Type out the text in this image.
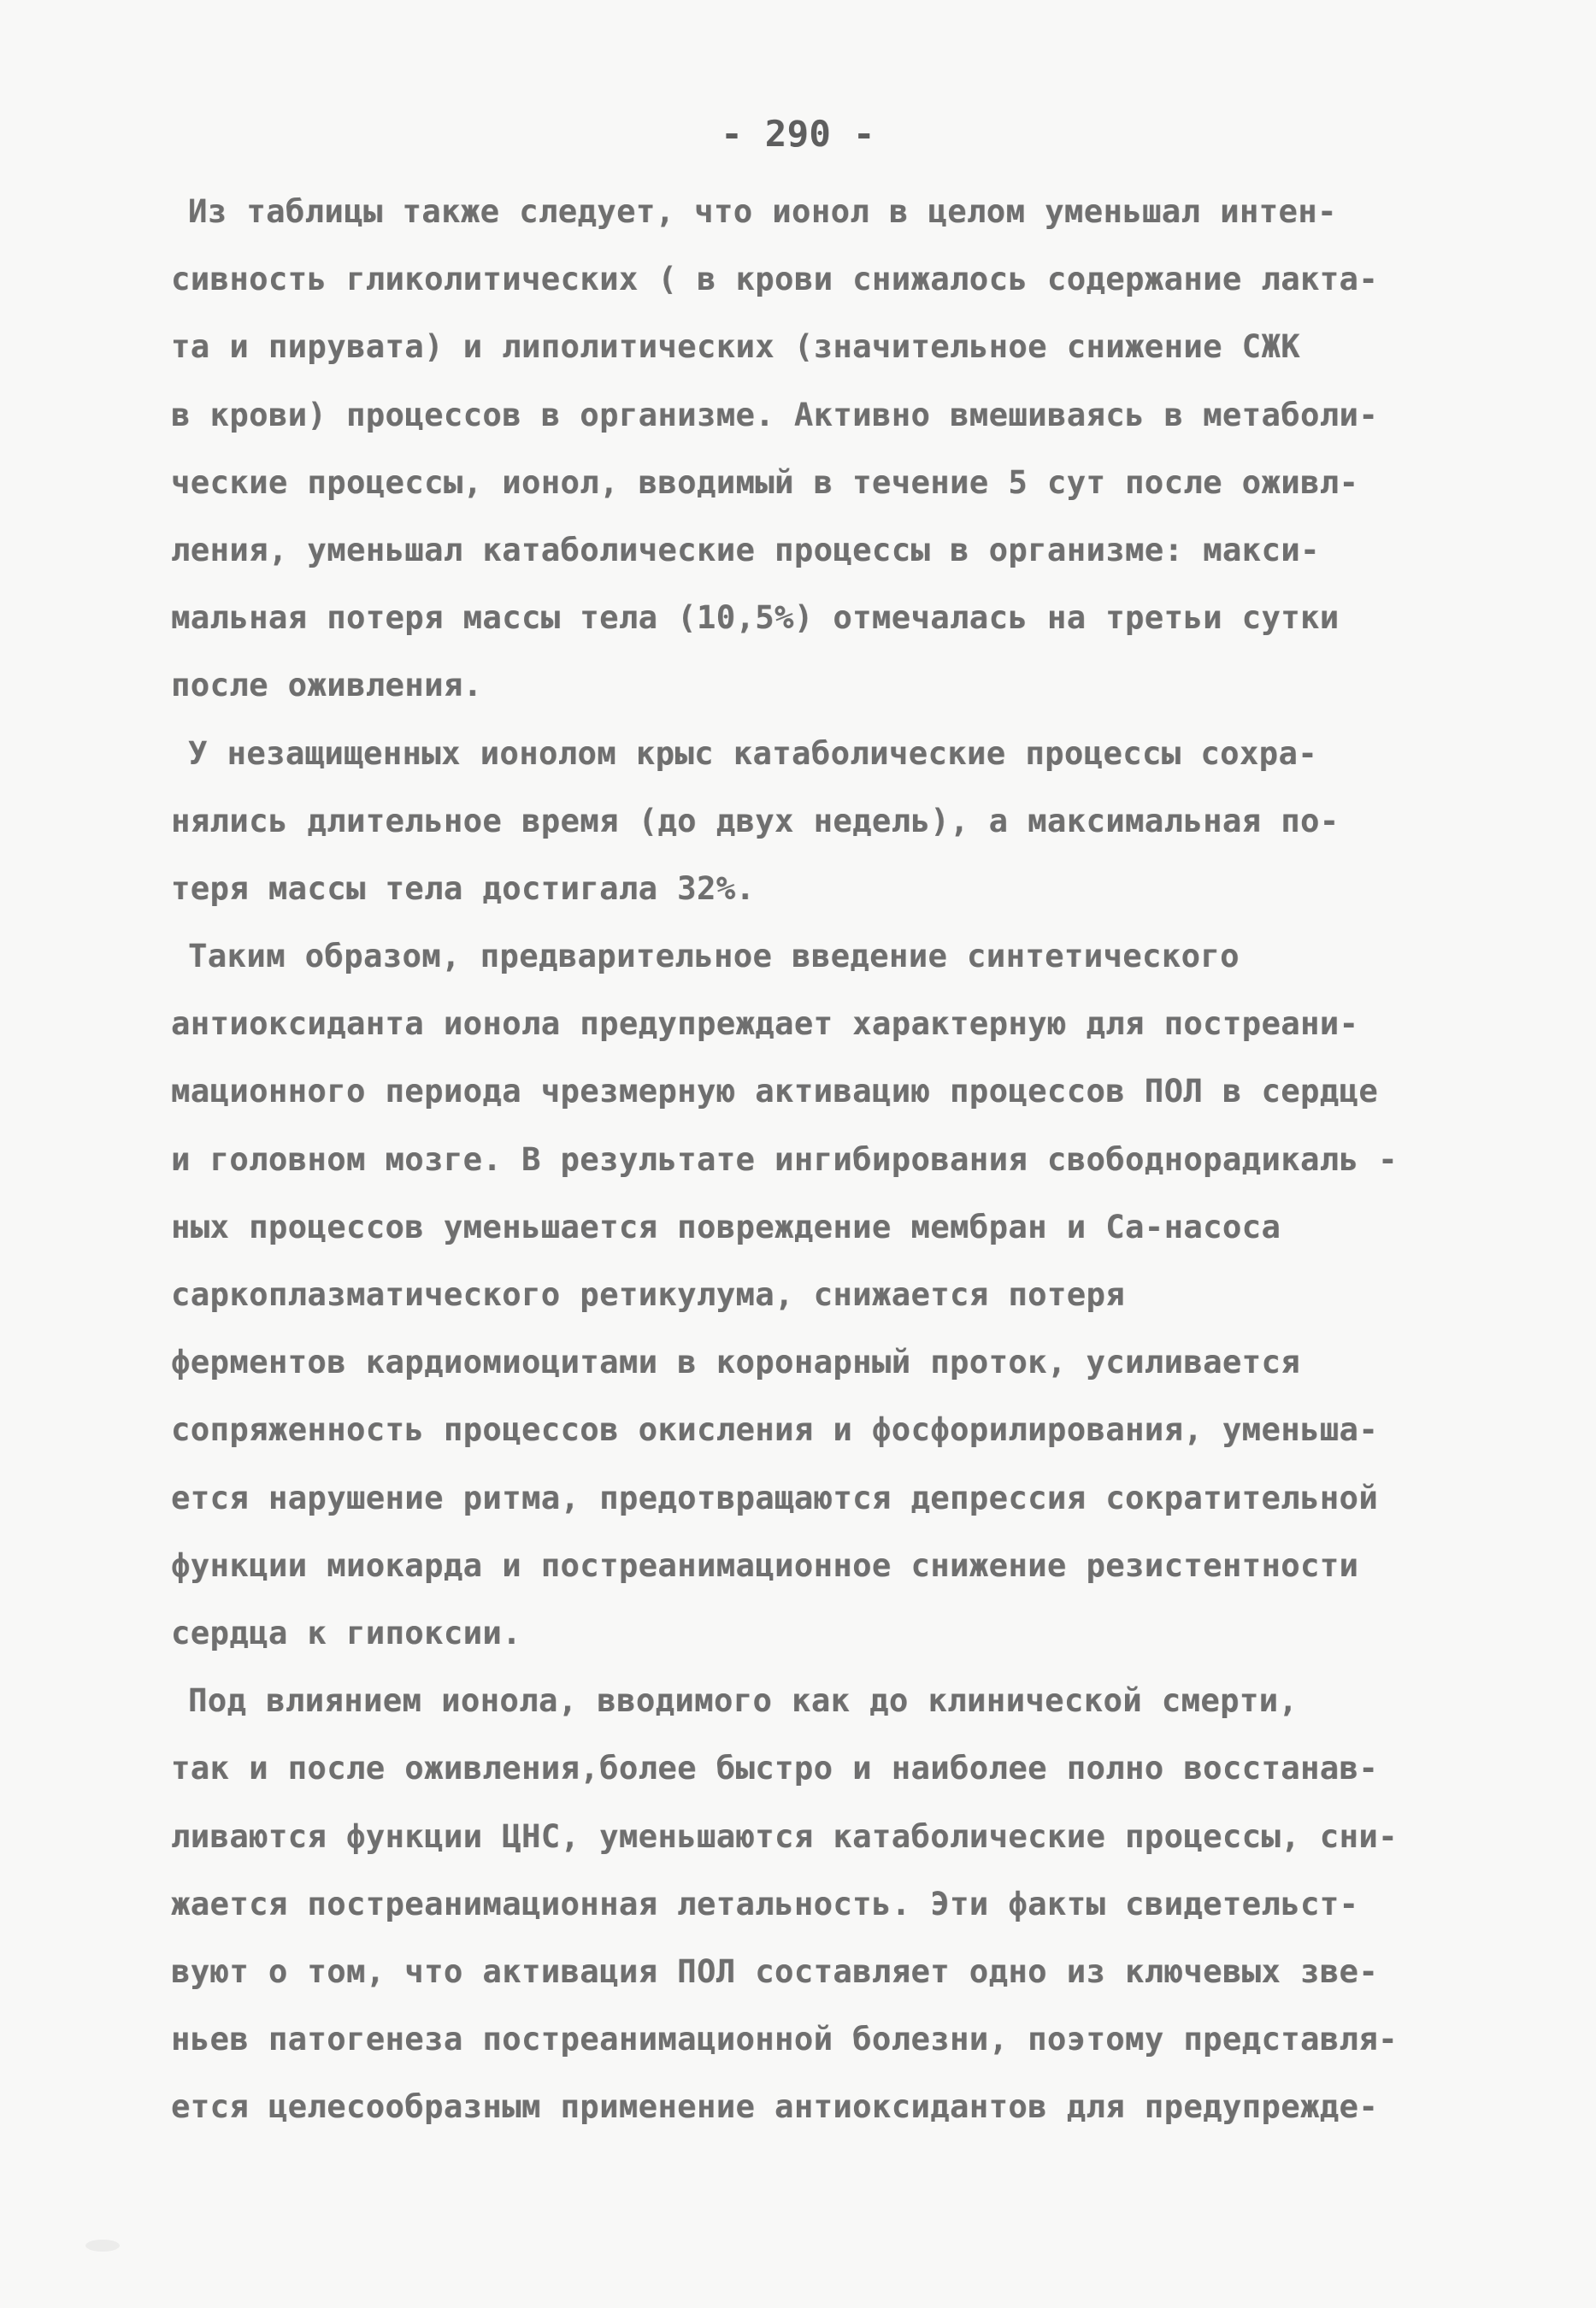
- 290 -
Из таблицы также следует, что ионол в целом уменьшал интен-
сивность гликолитических ( в крови снижалось содержание лакта-
та и пирувата) и липолитических (значительное снижение СЖК
в крови) процессов в организме. Активно вмешиваясь в метаболи-
ческие процессы, ионол, вводимый в течение 5 сут после оживл-
ления, уменьшал катаболические процессы в организме: макси-
мальная потеря массы тела (10,5%) отмечалась на третьи сутки
после оживления.
У незащищенных ионолом крыс катаболические процессы сохра-
нялись длительное время (до двух недель), а максимальная по-
теря массы тела достигала 32%.
Таким образом, предварительное введение синтетического
антиоксиданта ионола предупреждает характерную для постреани-
мационного периода чрезмерную активацию процессов ПОЛ в сердце
и головном мозге. В результате ингибирования свободнорадикаль -
ных процессов уменьшается повреждение мембран и Са-насоса
саркоплазматического ретикулума, снижается потеря
ферментов кардиомиоцитами в коронарный проток, усиливается
сопряженность процессов окисления и фосфорилирования, уменьша-
ется нарушение ритма, предотвращаются депрессия сократительной
функции миокарда и постреанимационное снижение резистентности
сердца к гипоксии.
Под влиянием ионола, вводимого как до клинической смерти,
так и после оживления,более быстро и наиболее полно восстанав-
ливаются функции ЦНС, уменьшаются катаболические процессы, сни-
жается постреанимационная летальность. Эти факты свидетельст-
вуют о том, что активация ПОЛ составляет одно из ключевых зве-
ньев патогенеза постреанимационной болезни, поэтому представля-
ется целесообразным применение антиоксидантов для предупрежде-
